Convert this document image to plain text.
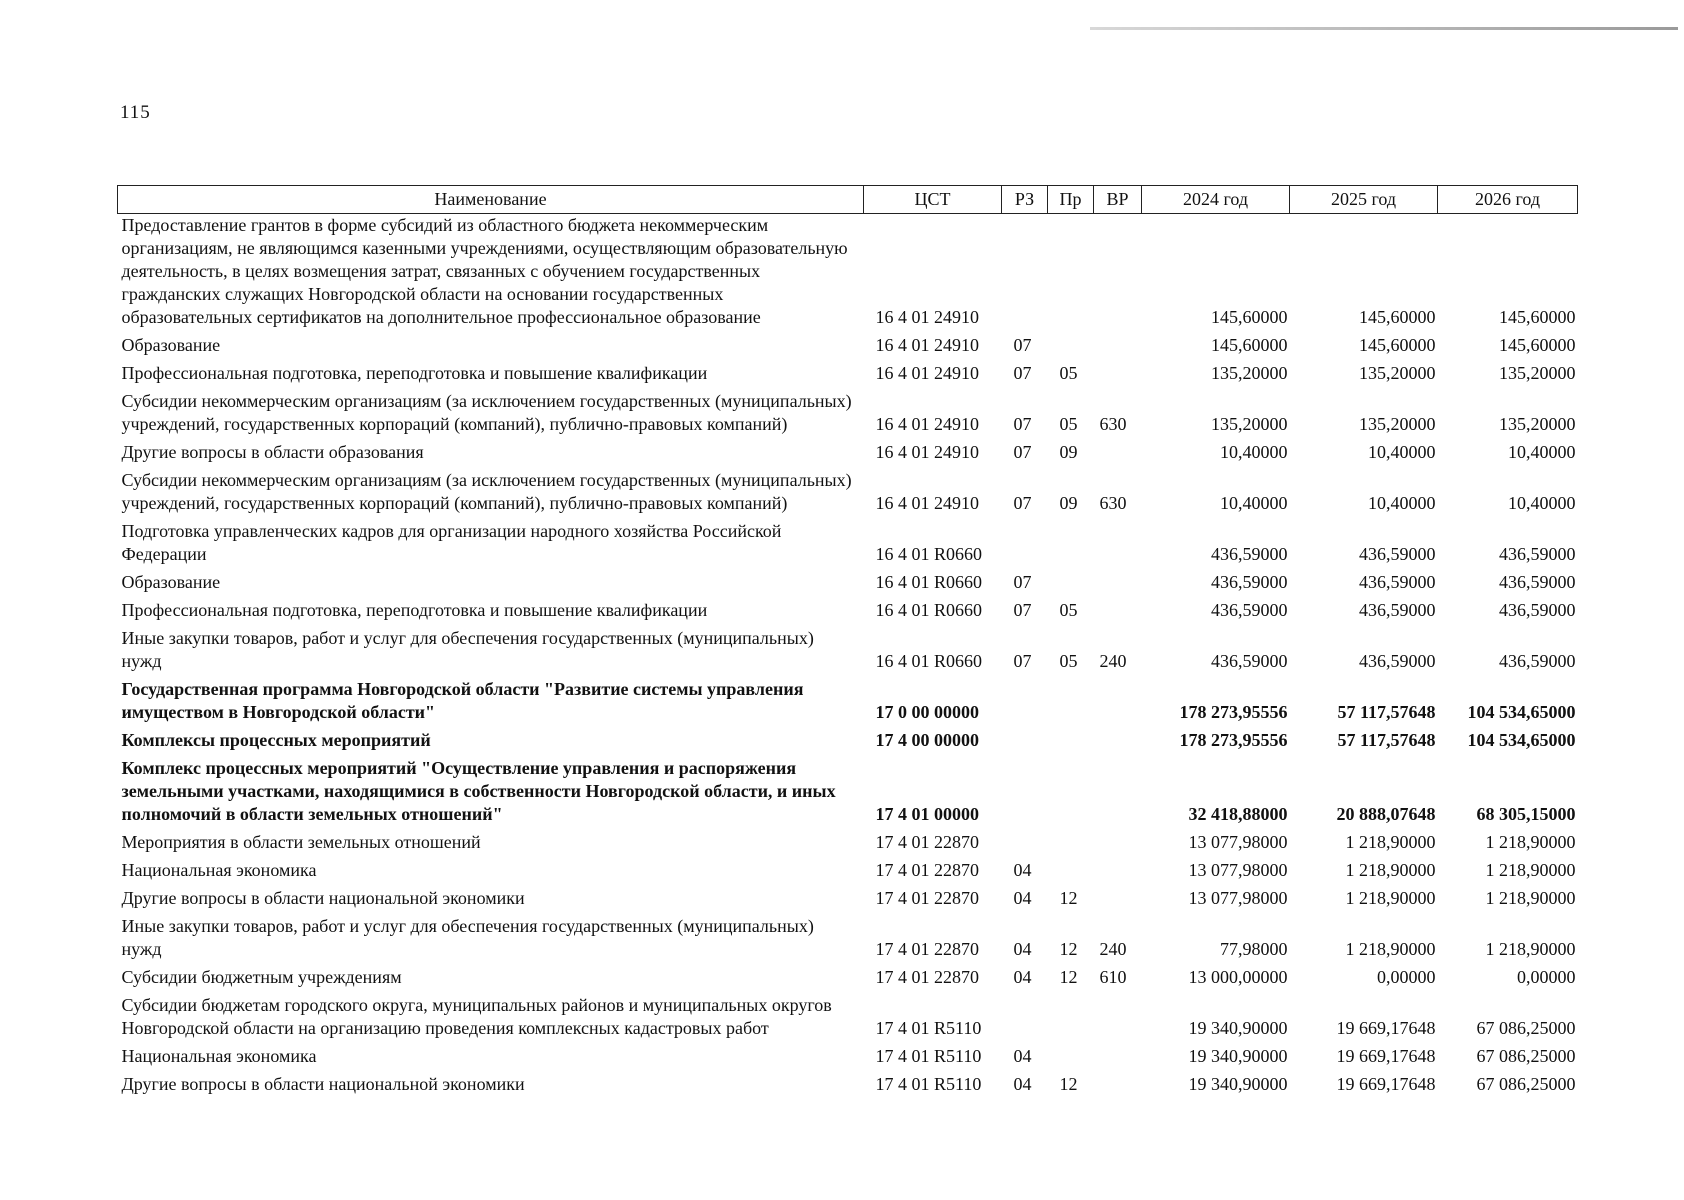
115
Наименование	ЦСТ	РЗ	Пр	ВР	2024 год	2025 год	2026 год
Предоставление грантов в форме субсидий из областного бюджета некоммерческим организациям, не являющимся казенными учреждениями, осуществляющим образовательную деятельность, в целях возмещения затрат, связанных с обучением государственных гражданских служащих Новгородской области на основании государственных образовательных сертификатов на дополнительное профессиональное образование	16 4 01 24910				145,60000	145,60000	145,60000
Образование	16 4 01 24910	07			145,60000	145,60000	145,60000
Профессиональная подготовка, переподготовка и повышение квалификации	16 4 01 24910	07	05		135,20000	135,20000	135,20000
Субсидии некоммерческим организациям (за исключением государственных (муниципальных) учреждений, государственных корпораций (компаний), публично-правовых компаний)	16 4 01 24910	07	05	630	135,20000	135,20000	135,20000
Другие вопросы в области образования	16 4 01 24910	07	09		10,40000	10,40000	10,40000
Субсидии некоммерческим организациям (за исключением государственных (муниципальных) учреждений, государственных корпораций (компаний), публично-правовых компаний)	16 4 01 24910	07	09	630	10,40000	10,40000	10,40000
Подготовка управленческих кадров для организации народного хозяйства Российской Федерации	16 4 01 R0660				436,59000	436,59000	436,59000
Образование	16 4 01 R0660	07			436,59000	436,59000	436,59000
Профессиональная подготовка, переподготовка и повышение квалификации	16 4 01 R0660	07	05		436,59000	436,59000	436,59000
Иные закупки товаров, работ и услуг для обеспечения государственных (муниципальных) нужд	16 4 01 R0660	07	05	240	436,59000	436,59000	436,59000
Государственная программа Новгородской области "Развитие системы управления имуществом в Новгородской области"	17 0 00 00000				178 273,95556	57 117,57648	104 534,65000
Комплексы процессных мероприятий	17 4 00 00000				178 273,95556	57 117,57648	104 534,65000
Комплекс процессных мероприятий "Осуществление управления и распоряжения земельными участками, находящимися в собственности Новгородской области, и иных полномочий в области земельных отношений"	17 4 01 00000				32 418,88000	20 888,07648	68 305,15000
Мероприятия в области земельных отношений	17 4 01 22870				13 077,98000	1 218,90000	1 218,90000
Национальная экономика	17 4 01 22870	04			13 077,98000	1 218,90000	1 218,90000
Другие вопросы в области национальной экономики	17 4 01 22870	04	12		13 077,98000	1 218,90000	1 218,90000
Иные закупки товаров, работ и услуг для обеспечения государственных (муниципальных) нужд	17 4 01 22870	04	12	240	77,98000	1 218,90000	1 218,90000
Субсидии бюджетным учреждениям	17 4 01 22870	04	12	610	13 000,00000	0,00000	0,00000
Субсидии бюджетам городского округа, муниципальных районов и муниципальных округов Новгородской области на организацию проведения комплексных кадастровых работ	17 4 01 R5110				19 340,90000	19 669,17648	67 086,25000
Национальная экономика	17 4 01 R5110	04			19 340,90000	19 669,17648	67 086,25000
Другие вопросы в области национальной экономики	17 4 01 R5110	04	12		19 340,90000	19 669,17648	67 086,25000
